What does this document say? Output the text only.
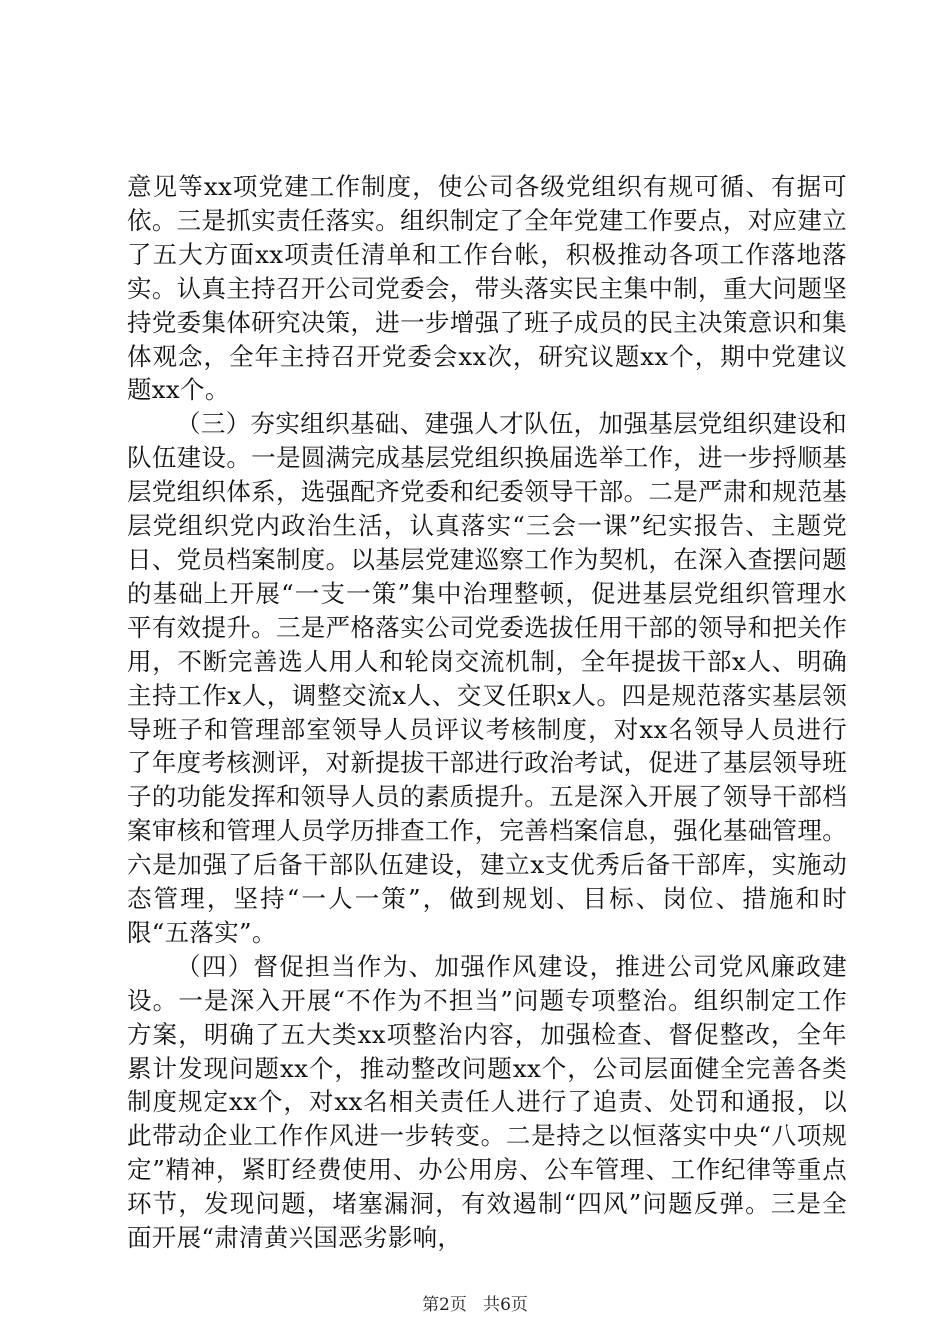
意见等xx项党建工作制度，使公司各级党组织有规可循、有据可依。三是抓实责任落实。组织制定了全年党建工作要点，对应建立了五大方面xx项责任清单和工作台帐，积极推动各项工作落地落实。认真主持召开公司党委会，带头落实民主集中制，重大问题坚持党委集体研究决策，进一步增强了班子成员的民主决策意识和集体观念，全年主持召开党委会xx次，研究议题xx个，期中党建议题xx个。

（三）夯实组织基础、建强人才队伍，加强基层党组织建设和队伍建设。一是圆满完成基层党组织换届选举工作，进一步捋顺基层党组织体系，选强配齐党委和纪委领导干部。二是严肃和规范基层党组织党内政治生活，认真落实“三会一课”纪实报告、主题党日、党员档案制度。以基层党建巡察工作为契机，在深入查摆问题的基础上开展“一支一策”集中治理整顿，促进基层党组织管理水平有效提升。三是严格落实公司党委选拔任用干部的领导和把关作用，不断完善选人用人和轮岗交流机制，全年提拔干部x人、明确主持工作x人，调整交流x人、交叉任职x人。四是规范落实基层领导班子和管理部室领导人员评议考核制度，对xx名领导人员进行了年度考核测评，对新提拔干部进行政治考试，促进了基层领导班子的功能发挥和领导人员的素质提升。五是深入开展了领导干部档案审核和管理人员学历排查工作，完善档案信息，强化基础管理。六是加强了后备干部队伍建设，建立x支优秀后备干部库，实施动态管理，坚持“一人一策”，做到规划、目标、岗位、措施和时限“五落实”。

（四）督促担当作为、加强作风建设，推进公司党风廉政建设。一是深入开展“不作为不担当”问题专项整治。组织制定工作方案，明确了五大类xx项整治内容，加强检查、督促整改，全年累计发现问题xx个，推动整改问题xx个，公司层面健全完善各类制度规定xx个，对xx名相关责任人进行了追责、处罚和通报，以此带动企业工作作风进一步转变。二是持之以恒落实中央“八项规定”精神，紧盯经费使用、办公用房、公车管理、工作纪律等重点环节，发现问题，堵塞漏洞，有效遏制“四风”问题反弹。三是全面开展“肃清黄兴国恶劣影响，

第2页 共6页
